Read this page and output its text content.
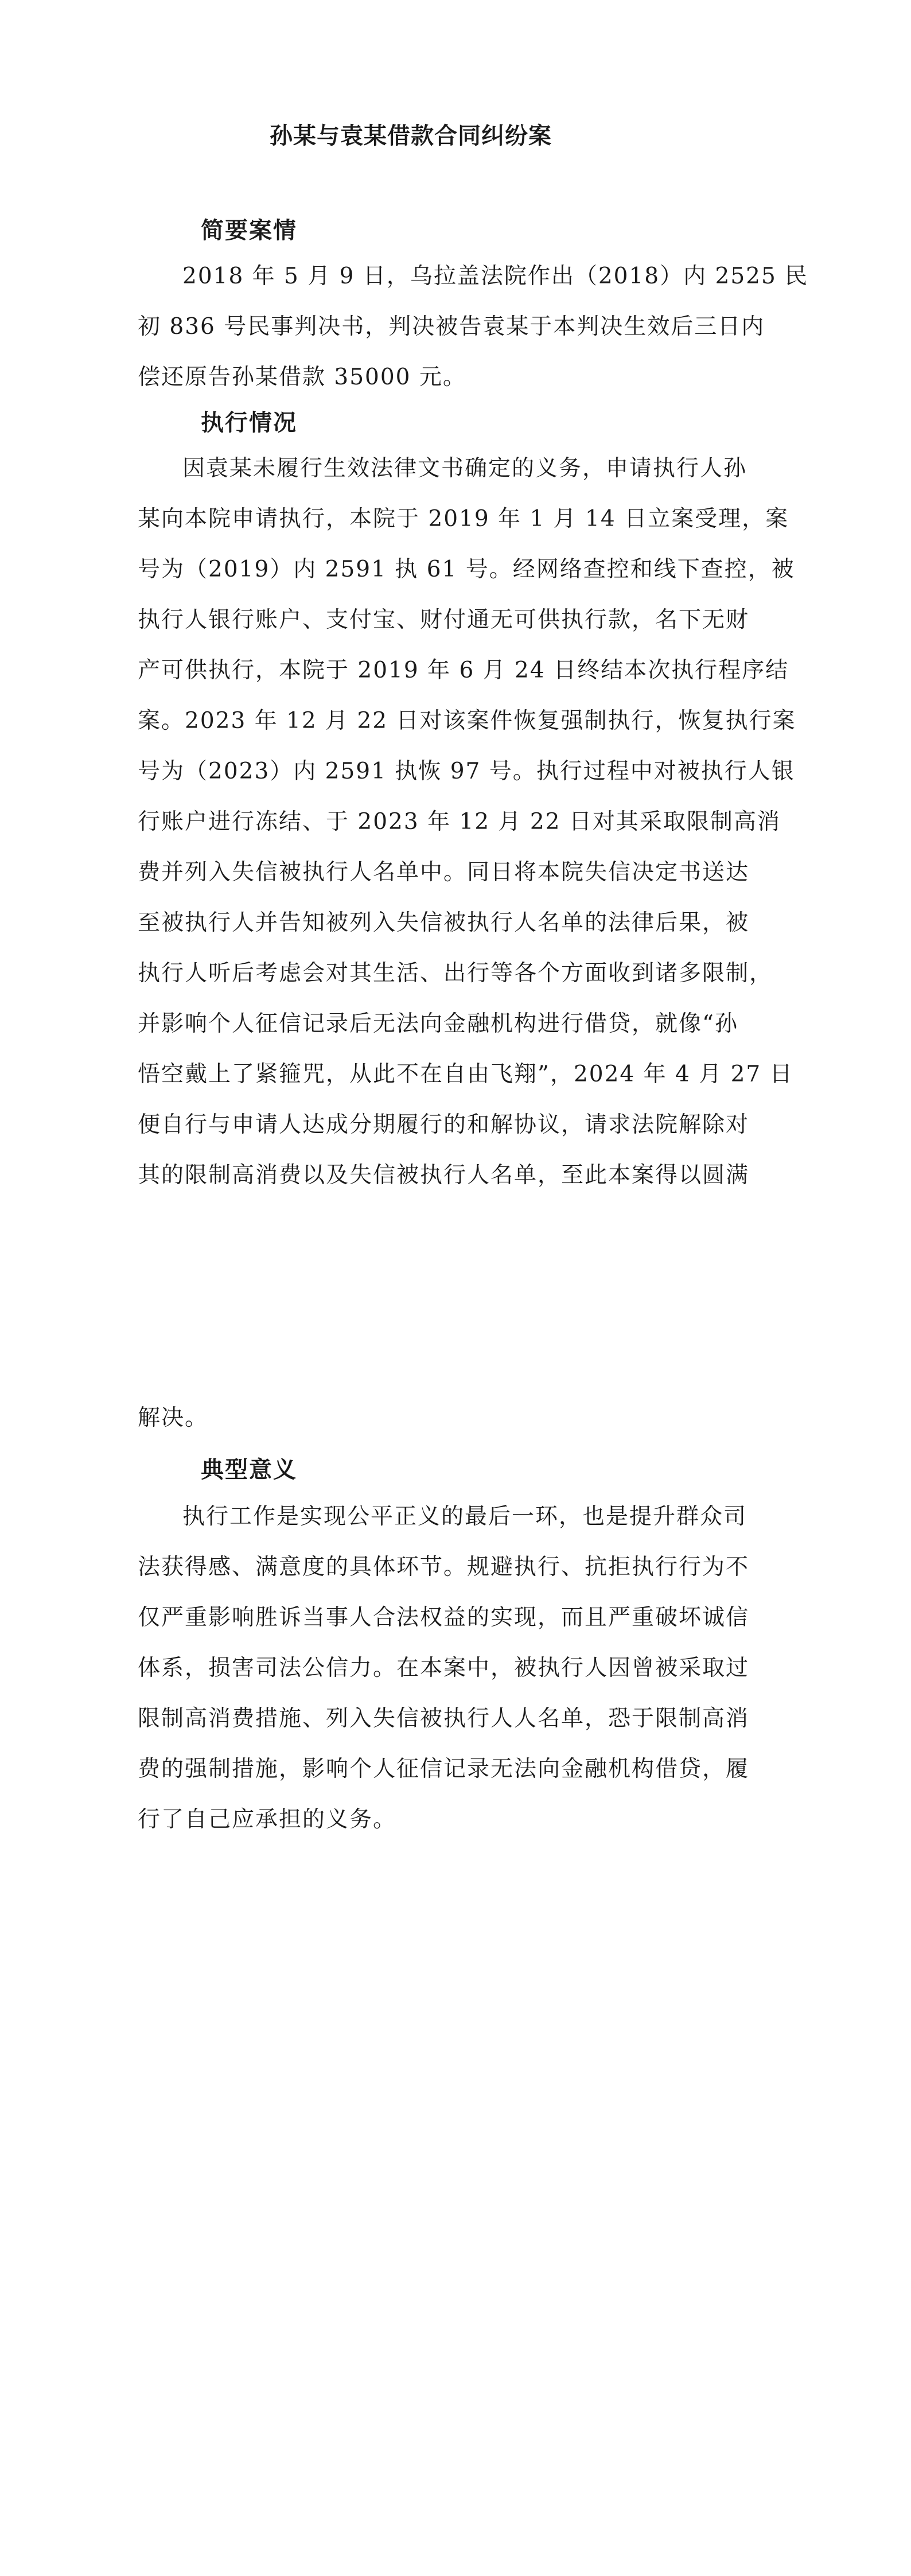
孙某与袁某借款合同纠纷案
简要案情
2018 年 5 月 9 日，乌拉盖法院作出（2018）内 2525 民
初 836 号民事判决书，判决被告袁某于本判决生效后三日内
偿还原告孙某借款 35000 元。
执行情况
因袁某未履行生效法律文书确定的义务，申请执行人孙
某向本院申请执行，本院于 2019 年 1 月 14 日立案受理，案
号为（2019）内 2591 执 61 号。经网络查控和线下查控，被
执行人银行账户、支付宝、财付通无可供执行款，名下无财
产可供执行，本院于 2019 年 6 月 24 日终结本次执行程序结
案。2023 年 12 月 22 日对该案件恢复强制执行，恢复执行案
号为（2023）内 2591 执恢 97 号。执行过程中对被执行人银
行账户进行冻结、于 2023 年 12 月 22 日对其采取限制高消
费并列入失信被执行人名单中。同日将本院失信决定书送达
至被执行人并告知被列入失信被执行人名单的法律后果，被
执行人听后考虑会对其生活、出行等各个方面收到诸多限制，
并影响个人征信记录后无法向金融机构进行借贷，就像“孙
悟空戴上了紧箍咒，从此不在自由飞翔”，2024 年 4 月 27 日
便自行与申请人达成分期履行的和解协议，请求法院解除对
其的限制高消费以及失信被执行人名单，至此本案得以圆满
解决。
典型意义
执行工作是实现公平正义的最后一环，也是提升群众司
法获得感、满意度的具体环节。规避执行、抗拒执行行为不
仅严重影响胜诉当事人合法权益的实现，而且严重破坏诚信
体系，损害司法公信力。在本案中，被执行人因曾被采取过
限制高消费措施、列入失信被执行人人名单，恐于限制高消
费的强制措施，影响个人征信记录无法向金融机构借贷，履
行了自己应承担的义务。
